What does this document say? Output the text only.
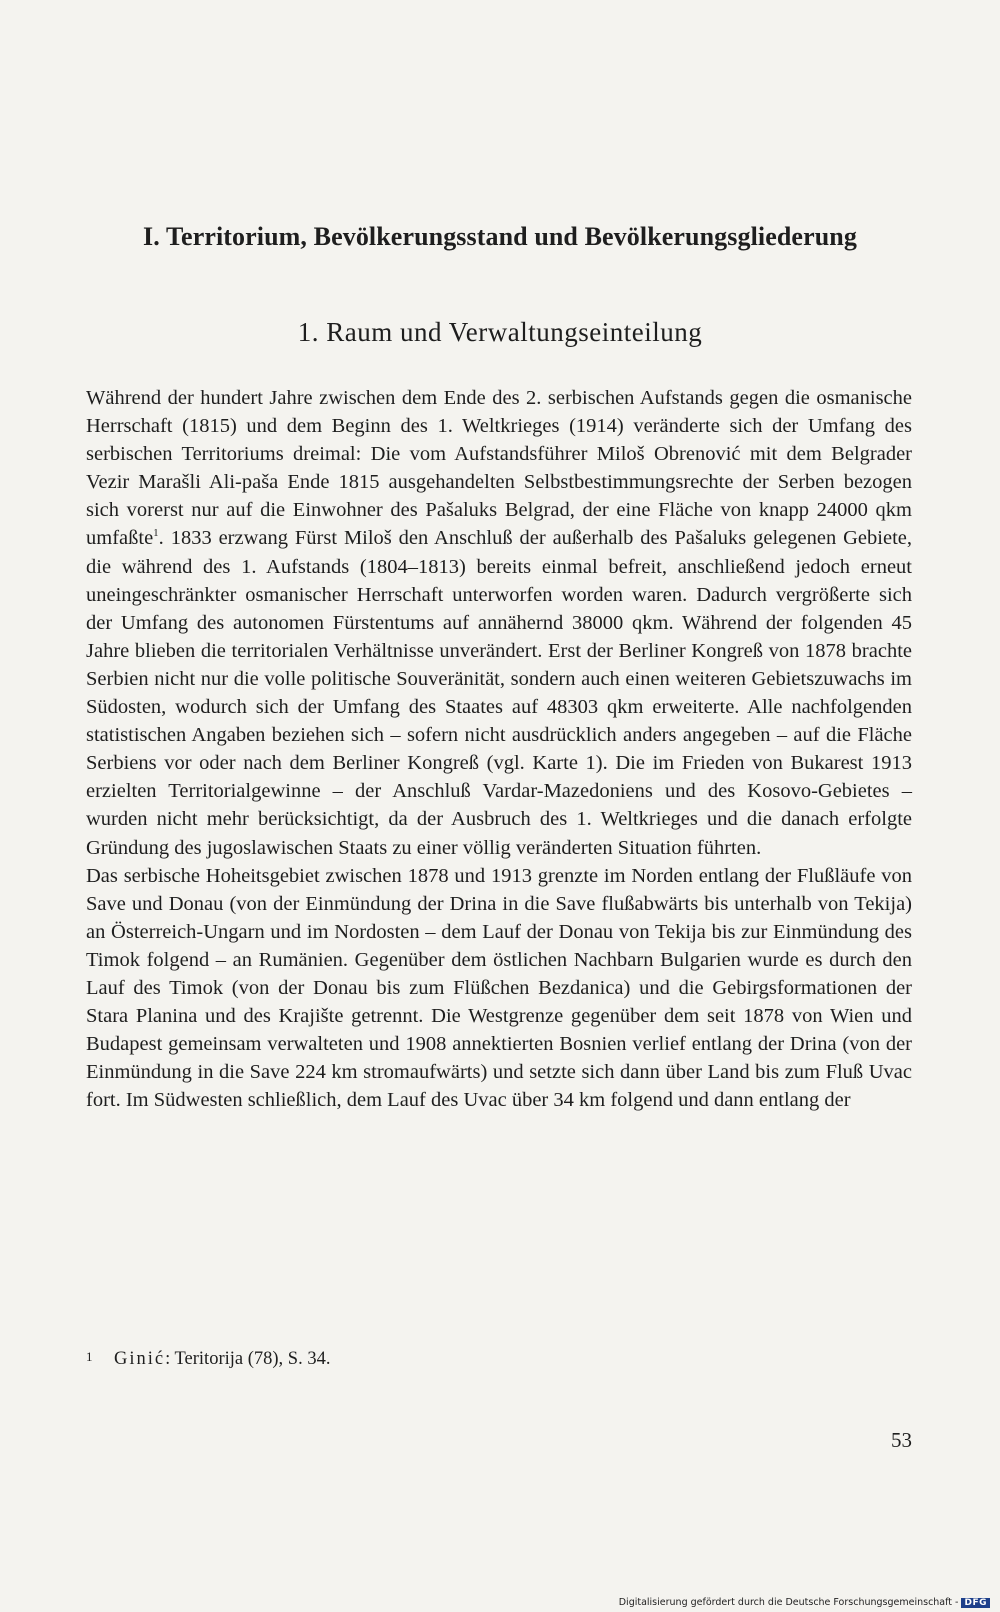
I. Territorium, Bevölkerungsstand und Bevölkerungsgliederung
1. Raum und Verwaltungseinteilung

Während der hundert Jahre zwischen dem Ende des 2. serbischen Aufstands gegen die osmanische Herrschaft (1815) und dem Beginn des 1. Weltkrieges (1914) veränderte sich der Umfang des serbischen Territoriums dreimal: Die vom Aufstandsführer Miloš Obrenović mit dem Belgrader Vezir Marašli Ali-paša Ende 1815 ausgehandelten Selbstbestimmungsrechte der Serben bezogen sich vorerst nur auf die Einwohner des Pašaluks Belgrad, der eine Fläche von knapp 24000 qkm umfaßte$^1$. 1833 erzwang Fürst Miloš den Anschluß der außerhalb des Pašaluks gelegenen Gebiete, die während des 1. Aufstands (1804–1813) bereits einmal befreit, anschließend jedoch erneut uneingeschränkter osmanischer Herrschaft unterworfen worden waren. Dadurch vergrößerte sich der Umfang des autonomen Fürstentums auf annähernd 38000 qkm. Während der folgenden 45 Jahre blieben die territorialen Verhältnisse unverändert. Erst der Berliner Kongreß von 1878 brachte Serbien nicht nur die volle politische Souveränität, sondern auch einen weiteren Gebietszuwachs im Südosten, wodurch sich der Umfang des Staates auf 48303 qkm erweiterte. Alle nachfolgenden statistischen Angaben beziehen sich – sofern nicht ausdrücklich anders angegeben – auf die Fläche Serbiens vor oder nach dem Berliner Kongreß (vgl. Karte 1). Die im Frieden von Bukarest 1913 erzielten Territorialgewinne – der Anschluß Vardar-Mazedoniens und des Kosovo-Gebietes – wurden nicht mehr berücksichtigt, da der Ausbruch des 1. Weltkrieges und die danach erfolgte Gründung des jugoslawischen Staats zu einer völlig veränderten Situation führten.

Das serbische Hoheitsgebiet zwischen 1878 und 1913 grenzte im Norden entlang der Flußläufe von Save und Donau (von der Einmündung der Drina in die Save flußabwärts bis unterhalb von Tekija) an Österreich-Ungarn und im Nordosten – dem Lauf der Donau von Tekija bis zur Einmündung des Timok folgend – an Rumänien. Gegenüber dem östlichen Nachbarn Bulgarien wurde es durch den Lauf des Timok (von der Donau bis zum Flüßchen Bezdanica) und die Gebirgsformationen der Stara Planina und des Krajište getrennt. Die Westgrenze gegenüber dem seit 1878 von Wien und Budapest gemeinsam verwalteten und 1908 annektierten Bosnien verlief entlang der Drina (von der Einmündung in die Save 224 km stromaufwärts) und setzte sich dann über Land bis zum Fluß Uvac fort. Im Südwesten schließlich, dem Lauf des Uvac über 34 km folgend und dann entlang der

1 Ginić: Teritorija (78), S. 34.
53
Digitalisierung gefördert durch die Deutsche Forschungsgemeinschaft - DFG
